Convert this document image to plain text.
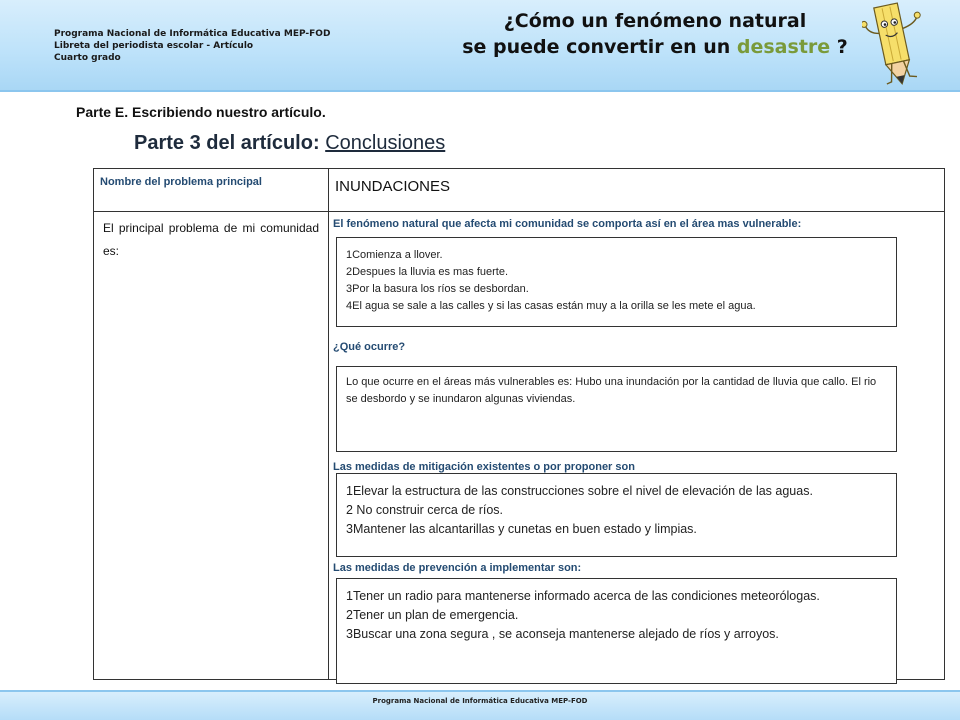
Programa Nacional de Informática Educativa MEP-FOD
Libreta del periodista escolar - Artículo
Cuarto grado
¿Cómo un fenómeno natural
se puede convertir en un desastre ?
Parte E. Escribiendo nuestro artículo.
Parte 3 del artículo: Conclusiones
Nombre del problema principal	INUNDACIONES
El principal problema de mi comunidad es:
El fenómeno natural que afecta mi comunidad se comporta así en el área mas vulnerable:
1Comienza a llover.
2Despues la lluvia es mas fuerte.
3Por la basura los ríos se desbordan.
4El agua se sale a las calles y si las casas están muy a la orilla se les mete el agua.
¿Qué ocurre?
Lo que ocurre en el áreas más vulnerables es: Hubo una inundación por la cantidad de lluvia que callo. El rio se desbordo y se inundaron algunas viviendas.
Las medidas de mitigación existentes o por proponer son
1Elevar la estructura de las construcciones sobre el nivel de elevación de las aguas.
2 No construir cerca de ríos.
3Mantener las alcantarillas y cunetas en buen estado y limpias.
Las medidas de prevención a implementar son:
1Tener un radio para mantenerse informado acerca de las condiciones meteorólogas.
2Tener un plan de emergencia.
3Buscar una zona segura , se aconseja mantenerse alejado de ríos y arroyos.
Programa Nacional de Informática Educativa MEP-FOD
